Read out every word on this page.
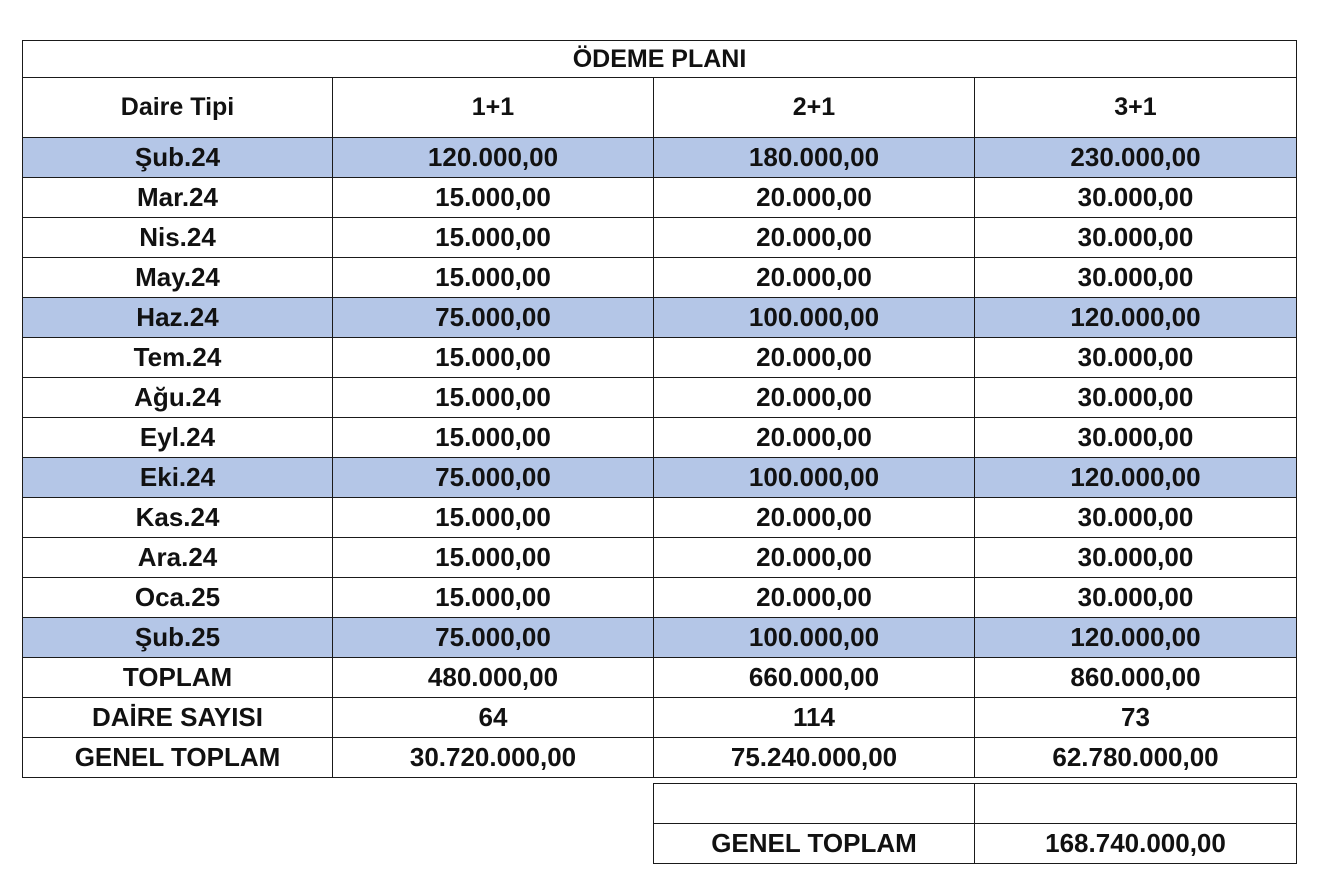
ÖDEME PLANI			
Daire Tipi	1+1	2+1	3+1
Şub.24	120.000,00	180.000,00	230.000,00
Mar.24	15.000,00	20.000,00	30.000,00
Nis.24	15.000,00	20.000,00	30.000,00
May.24	15.000,00	20.000,00	30.000,00
Haz.24	75.000,00	100.000,00	120.000,00
Tem.24	15.000,00	20.000,00	30.000,00
Ağu.24	15.000,00	20.000,00	30.000,00
Eyl.24	15.000,00	20.000,00	30.000,00
Eki.24	75.000,00	100.000,00	120.000,00
Kas.24	15.000,00	20.000,00	30.000,00
Ara.24	15.000,00	20.000,00	30.000,00
Oca.25	15.000,00	20.000,00	30.000,00
Şub.25	75.000,00	100.000,00	120.000,00
TOPLAM	480.000,00	660.000,00	860.000,00
DAİRE SAYISI	64	114	73
GENEL TOPLAM	30.720.000,00	75.240.000,00	62.780.000,00

GENEL TOPLAM	168.740.000,00
